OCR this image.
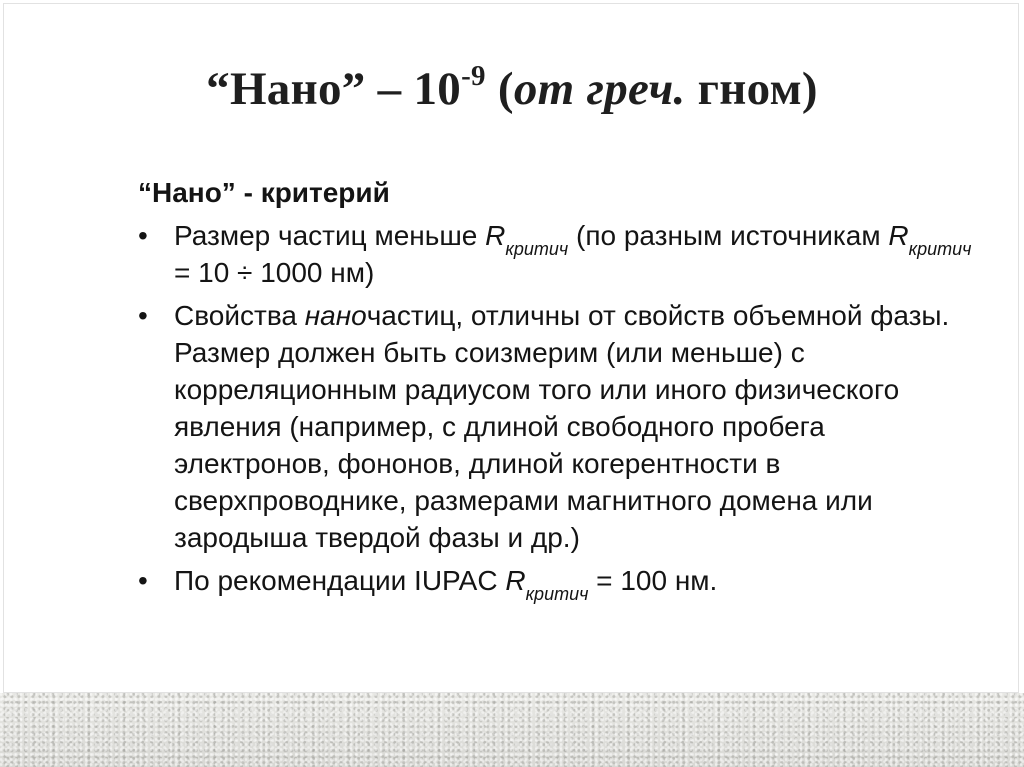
“Нано” – $10^{-9}$ (от греч. гном)
“Нано” - критерий
• Размер частиц меньше $R_{критич}$ (по разным источникам $R_{критич} = 10 \div 1000$ нм)
• Свойства наночастиц, отличны от свойств объемной фазы. Размер должен быть соизмерим (или меньше) с корреляционным радиусом того или иного физического явления (например, с длиной свободного пробега электронов, фононов, длиной когерентности в сверхпроводнике, размерами магнитного домена или зародыша твердой фазы и др.)
• По рекомендации IUPAC $R_{критич} = 100$ нм.
